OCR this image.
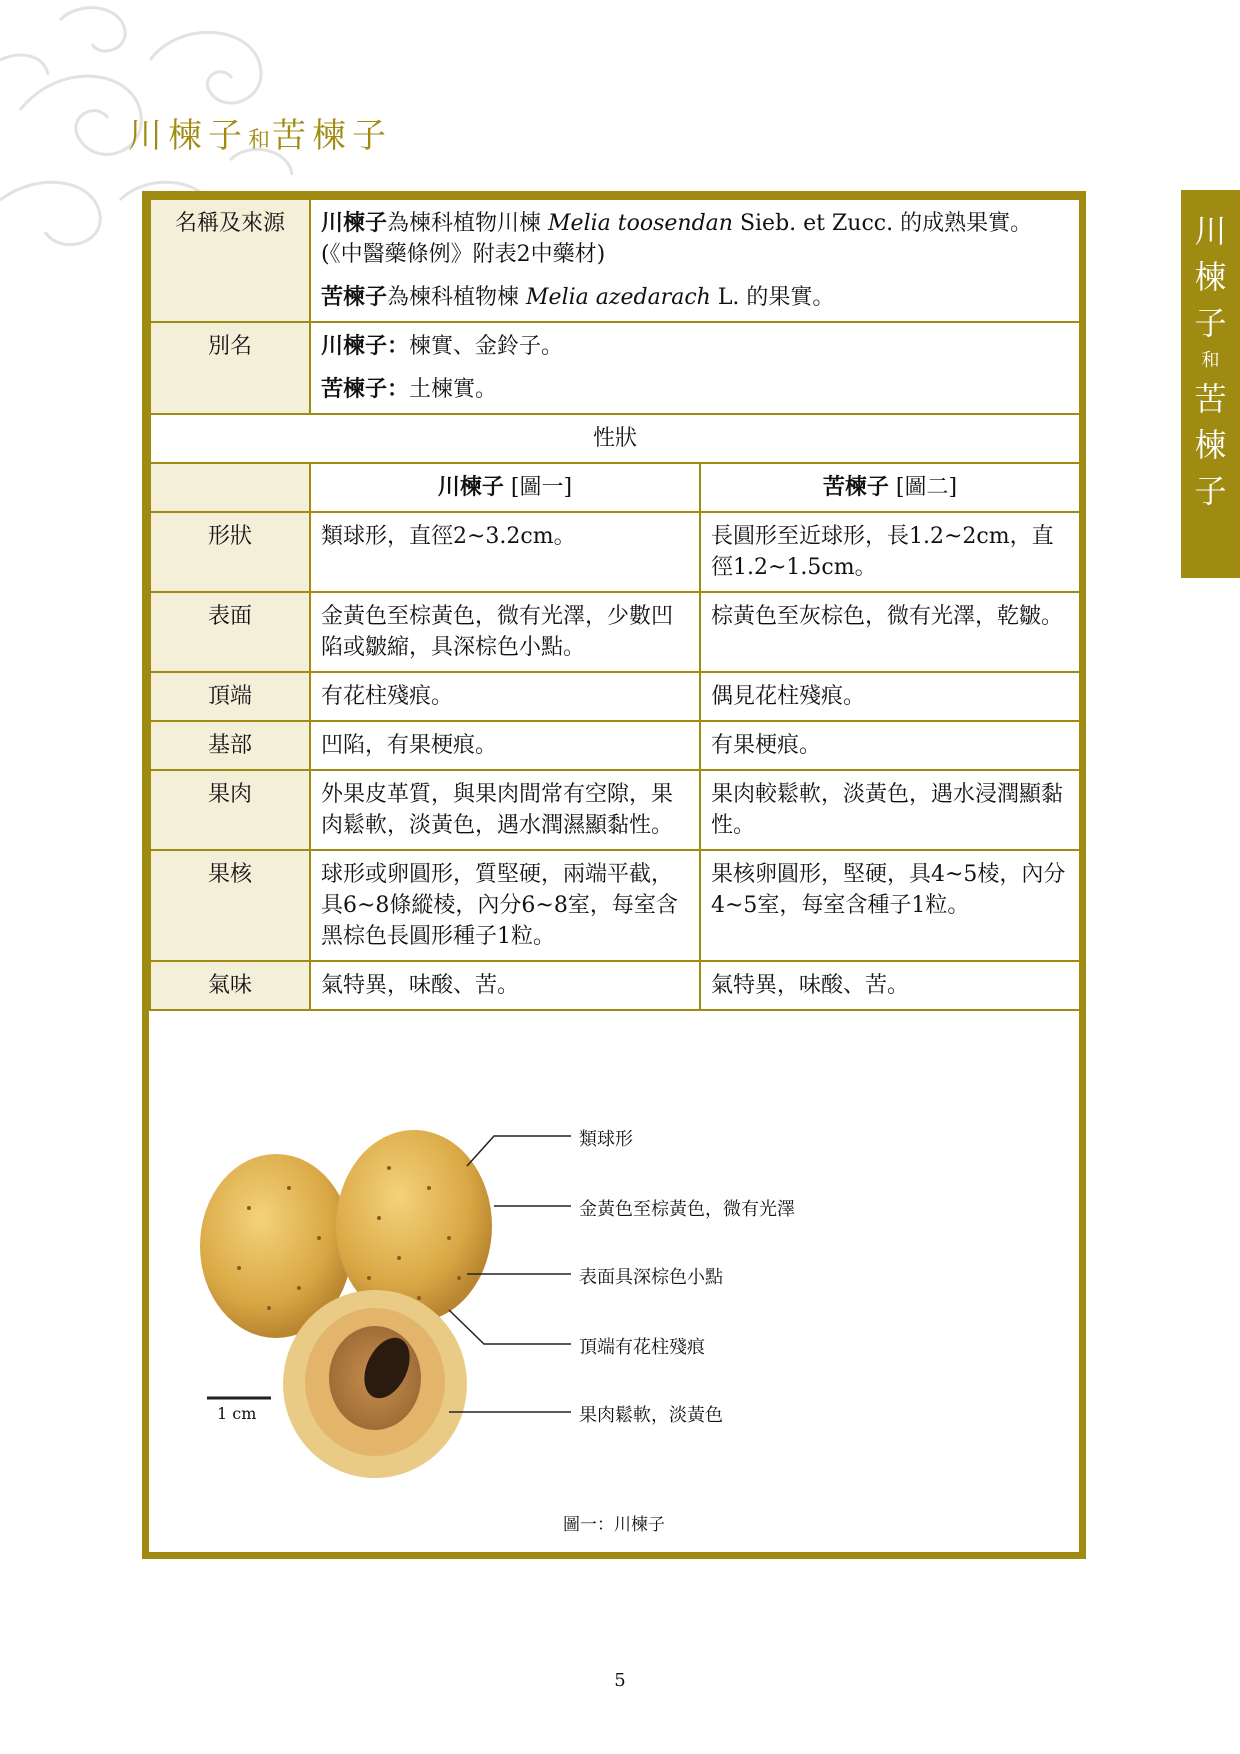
川楝子和苦楝子
川
楝
子
和
苦
楝
子
名稱及來源	川楝子為楝科植物川楝 Melia toosendan Sieb. et Zucc. 的成熟果實。(《中醫藥條例》附表2中藥材)
苦楝子為楝科植物楝 Melia azedarach L. 的果實。	

別名	川楝子：楝實、金鈴子。
苦楝子：土楝實。	

性狀		
	川楝子 [圖一]	苦楝子 [圖二]
形狀	類球形，直徑2~3.2cm。	長圓形至近球形，長1.2~2cm，直徑1.2~1.5cm。
表面	金黃色至棕黃色，微有光澤，少數凹陷或皺縮，具深棕色小點。	棕黃色至灰棕色，微有光澤，乾皺。
頂端	有花柱殘痕。	偶見花柱殘痕。
基部	凹陷，有果梗痕。	有果梗痕。
果肉	外果皮革質，與果肉間常有空隙，果肉鬆軟，淡黃色，遇水潤濕顯黏性。	果肉較鬆軟，淡黃色，遇水浸潤顯黏性。
果核	球形或卵圓形，質堅硬，兩端平截，具6~8條縱棱，內分6~8室，每室含黑棕色長圓形種子1粒。	果核卵圓形，堅硬，具4~5棱，內分4~5室，每室含種子1粒。
氣味	氣特異，味酸、苦。	氣特異，味酸、苦。
類球形
金黃色至棕黃色，微有光澤
表面具深棕色小點
頂端有花柱殘痕
果肉鬆軟，淡黃色
1 cm
圖一：川楝子
5
